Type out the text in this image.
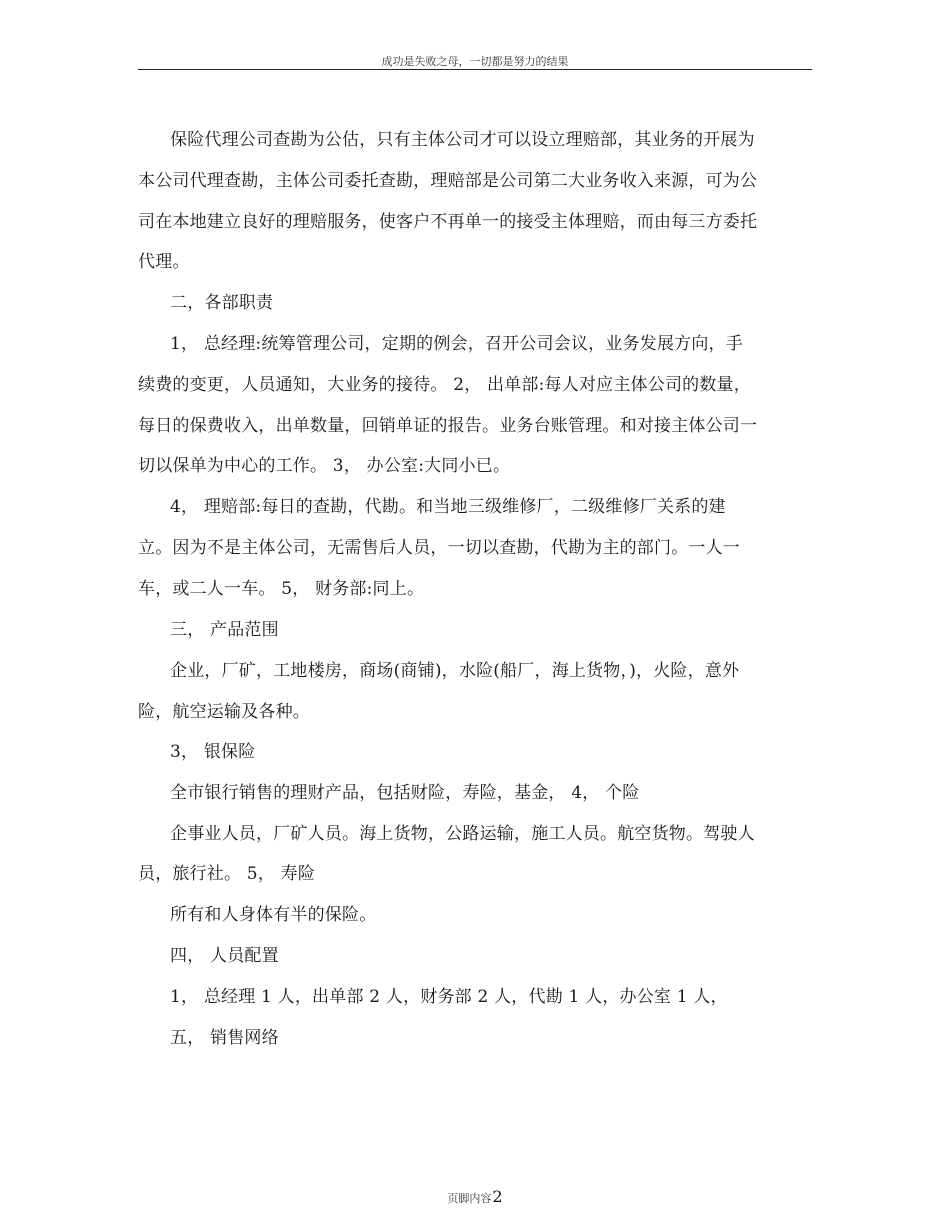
成功是失败之母，一切都是努力的结果
保险代理公司查勘为公估，只有主体公司才可以设立理赔部，其业务的开展为
本公司代理查勘，主体公司委托查勘，理赔部是公司第二大业务收入来源，可为公
司在本地建立良好的理赔服务，使客户不再单一的接受主体理赔，而由每三方委托
代理。
二，各部职责
1， 总经理:统筹管理公司，定期的例会，召开公司会议，业务发展方向，手
续费的变更，人员通知，大业务的接待。 2， 出单部:每人对应主体公司的数量，
每日的保费收入，出单数量，回销单证的报告。业务台账管理。和对接主体公司一
切以保单为中心的工作。 3， 办公室:大同小已。
4， 理赔部:每日的查勘，代勘。和当地三级维修厂，二级维修厂关系的建
立。因为不是主体公司，无需售后人员，一切以查勘，代勘为主的部门。一人一
车，或二人一车。 5， 财务部:同上。
三， 产品范围
企业，厂矿，工地楼房，商场(商铺)，水险(船厂，海上货物，)，火险，意外
险，航空运输及各种。
3， 银保险
全市银行销售的理财产品，包括财险，寿险，基金， 4， 个险
企事业人员，厂矿人员。海上货物，公路运输，施工人员。航空货物。驾驶人
员，旅行社。 5， 寿险
所有和人身体有半的保险。
四， 人员配置
1， 总经理 1 人，出单部 2 人，财务部 2 人，代勘 1 人，办公室 1 人，
五， 销售网络
页脚内容2
